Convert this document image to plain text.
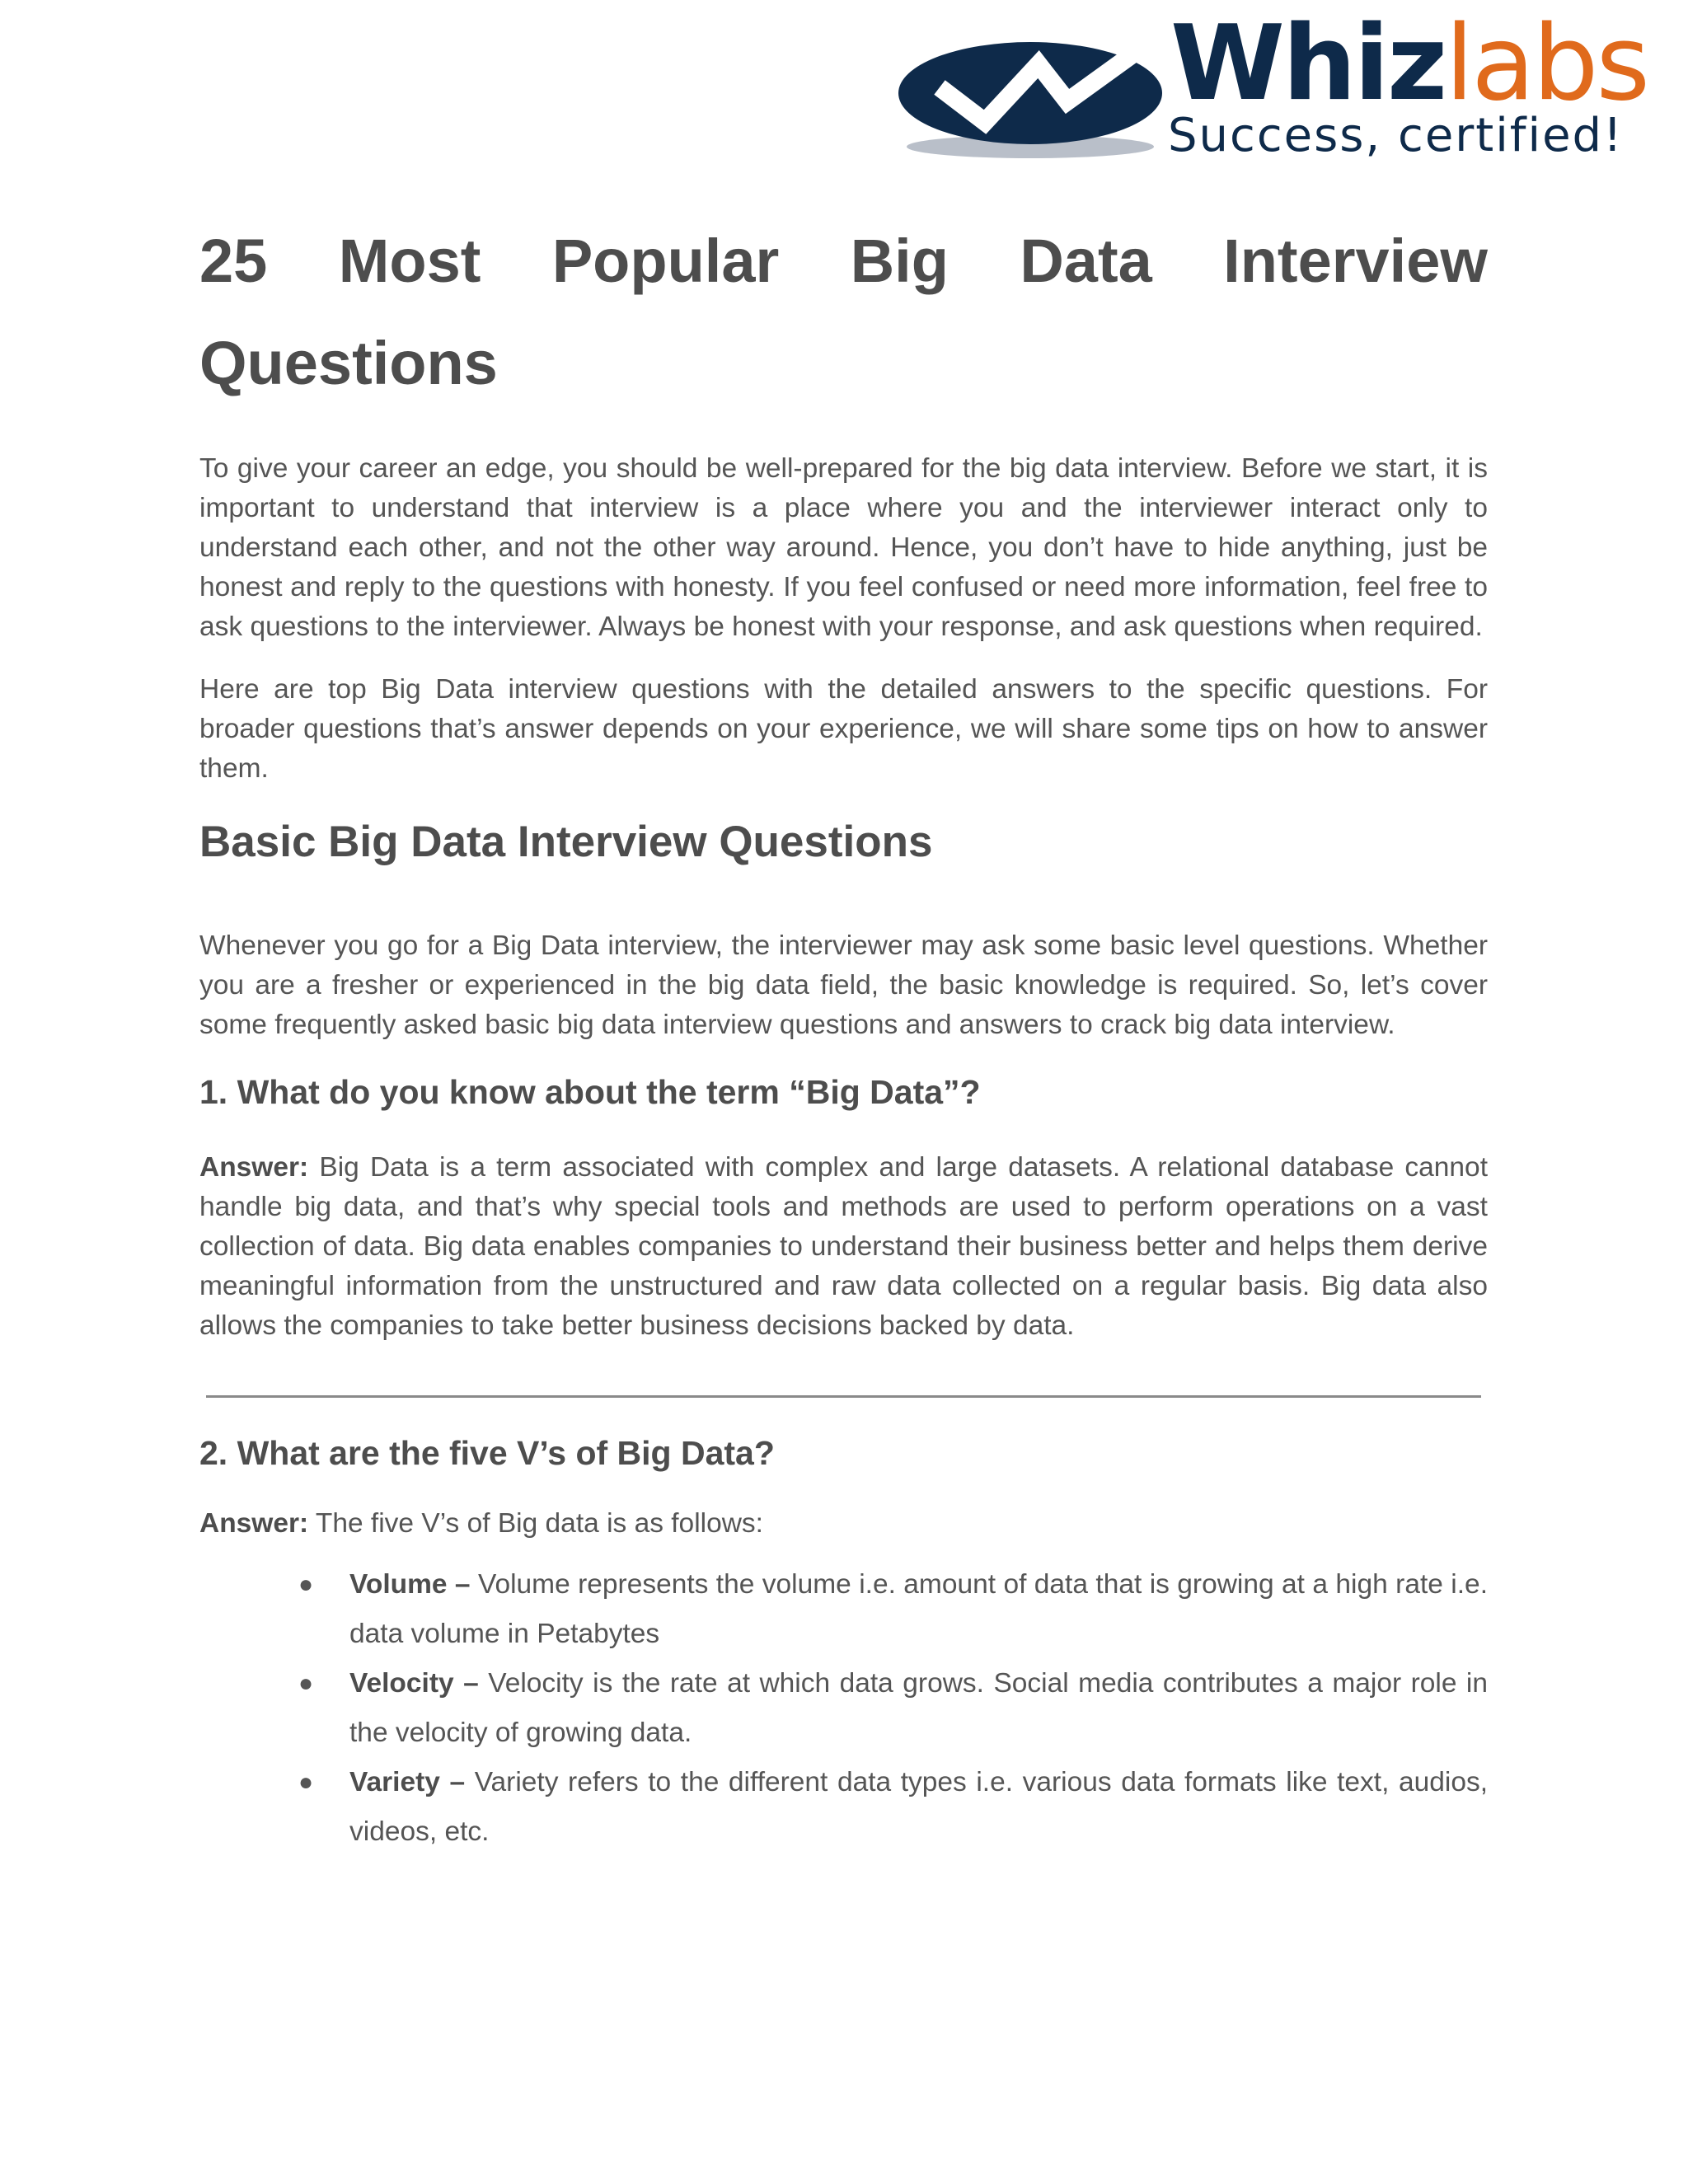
Whizlabs
Success, certified!
25 Most Popular Big Data Interview
Questions

To give your career an edge, you should be well-prepared for the big data interview. Before we start, it is important to understand that interview is a place where you and the interviewer interact only to understand each other, and not the other way around. Hence, you don’t have to hide anything, just be honest and reply to the questions with honesty. If you feel confused or need more information, feel free to ask questions to the interviewer. Always be honest with your response, and ask questions when required.

Here are top Big Data interview questions with the detailed answers to the specific questions. For broader questions that’s answer depends on your experience, we will share some tips on how to answer them.

Basic Big Data Interview Questions

Whenever you go for a Big Data interview, the interviewer may ask some basic level questions. Whether you are a fresher or experienced in the big data field, the basic knowledge is required. So, let’s cover some frequently asked basic big data interview questions and answers to crack big data interview.

1. What do you know about the term “Big Data”?

Answer: Big Data is a term associated with complex and large datasets. A relational database cannot handle big data, and that’s why special tools and methods are used to perform operations on a vast collection of data. Big data enables companies to understand their business better and helps them derive meaningful information from the unstructured and raw data collected on a regular basis. Big data also allows the companies to take better business decisions backed by data.

2. What are the five V’s of Big Data?

Answer: The five V’s of Big data is as follows:

● Volume – Volume represents the volume i.e. amount of data that is growing at a high rate i.e. data volume in Petabytes
● Velocity – Velocity is the rate at which data grows. Social media contributes a major role in the velocity of growing data.
● Variety – Variety refers to the different data types i.e. various data formats like text, audios, videos, etc.
